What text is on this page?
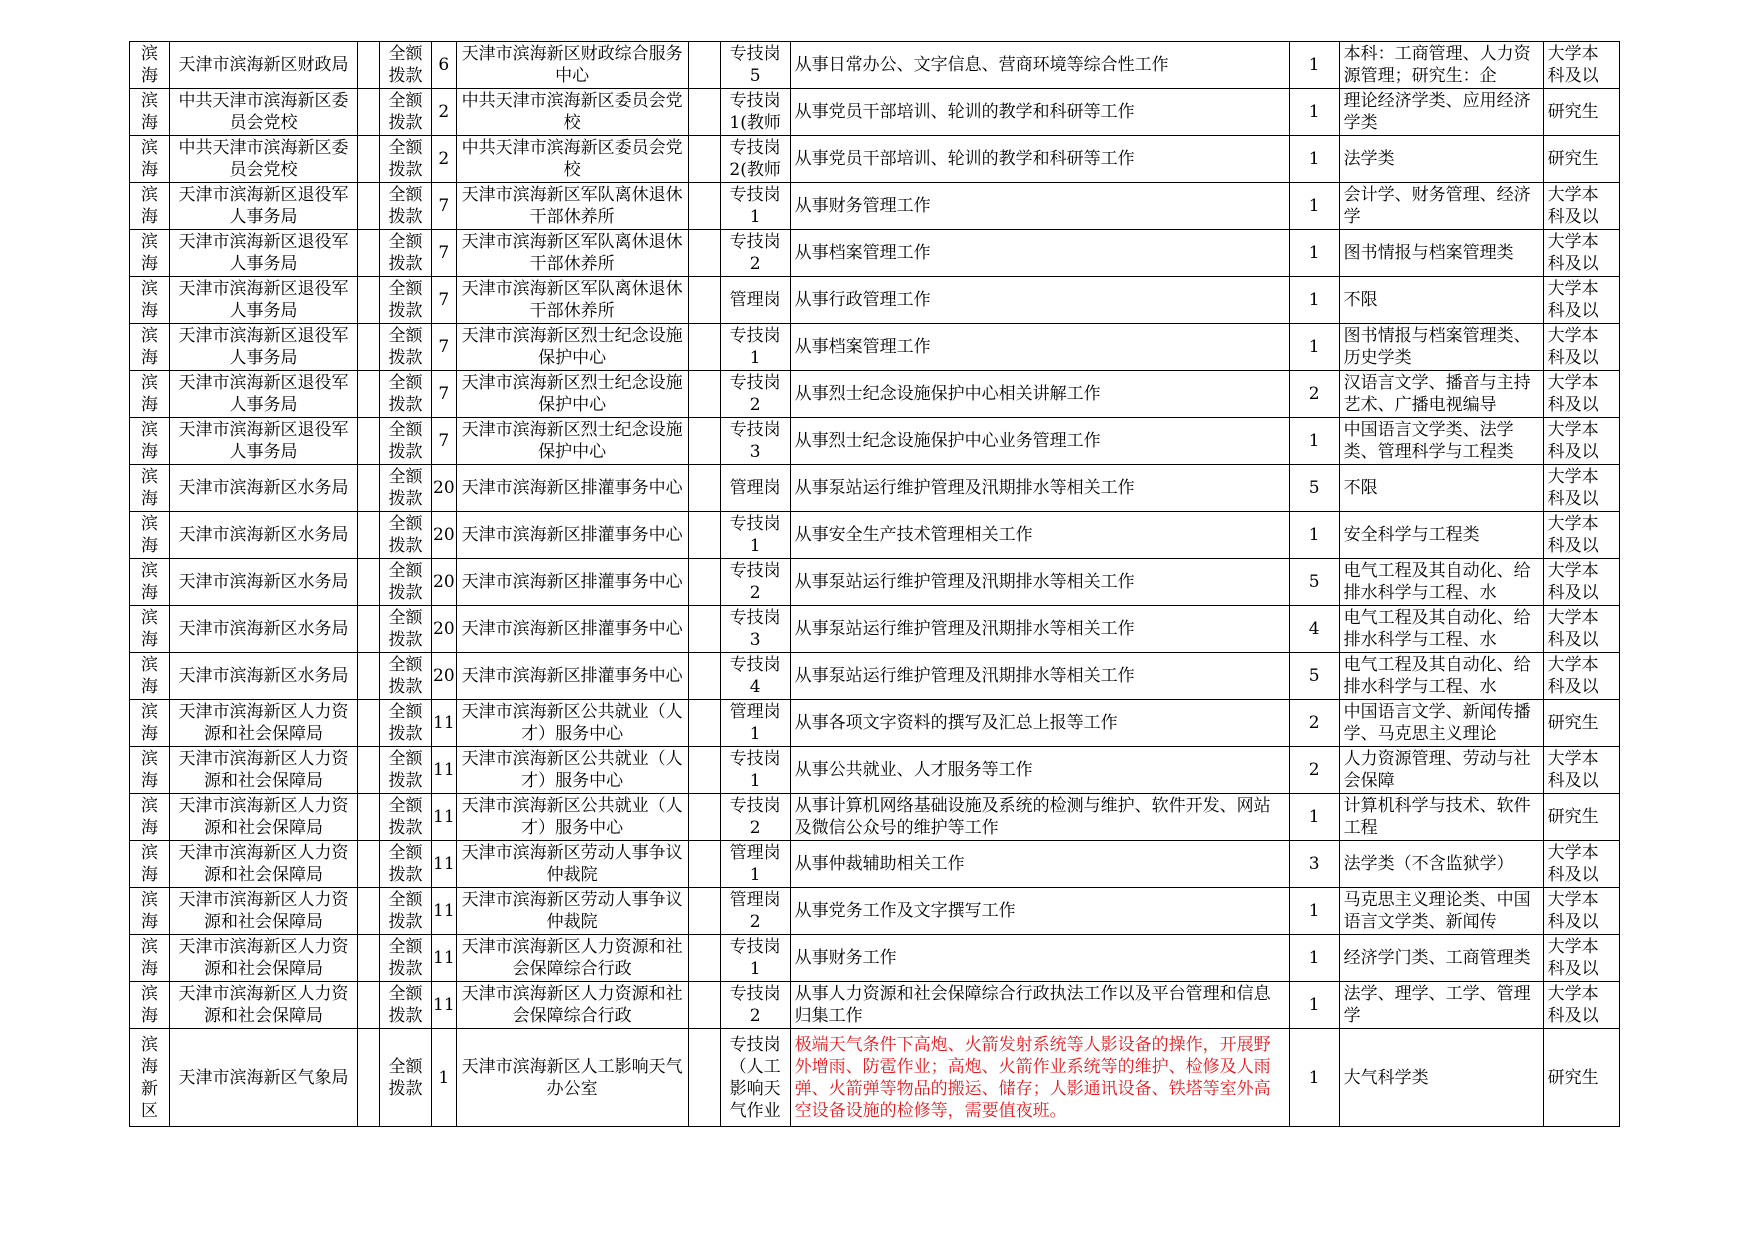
滨海	天津市滨海新区财政局		全额拨款	6	天津市滨海新区财政综合服务中心		专技岗5	从事日常办公、文字信息、营商环境等综合性工作	1	本科：工商管理、人力资源管理；研究生：企	大学本科及以

滨海	中共天津市滨海新区委员会党校		全额拨款	2	中共天津市滨海新区委员会党校		专技岗1(教师	从事党员干部培训、轮训的教学和科研等工作	1	理论经济学类、应用经济学类	研究生

滨海	中共天津市滨海新区委员会党校		全额拨款	2	中共天津市滨海新区委员会党校		专技岗2(教师	从事党员干部培训、轮训的教学和科研等工作	1	法学类	研究生

滨海	天津市滨海新区退役军人事务局		全额拨款	7	天津市滨海新区军队离休退休干部休养所		专技岗1	从事财务管理工作	1	会计学、财务管理、经济学	大学本科及以

滨海	天津市滨海新区退役军人事务局		全额拨款	7	天津市滨海新区军队离休退休干部休养所		专技岗2	从事档案管理工作	1	图书情报与档案管理类	大学本科及以

滨海	天津市滨海新区退役军人事务局		全额拨款	7	天津市滨海新区军队离休退休干部休养所		管理岗	从事行政管理工作	1	不限	大学本科及以

滨海	天津市滨海新区退役军人事务局		全额拨款	7	天津市滨海新区烈士纪念设施保护中心		专技岗1	从事档案管理工作	1	图书情报与档案管理类、历史学类	大学本科及以

滨海	天津市滨海新区退役军人事务局		全额拨款	7	天津市滨海新区烈士纪念设施保护中心		专技岗2	从事烈士纪念设施保护中心相关讲解工作	2	汉语言文学、播音与主持艺术、广播电视编导	大学本科及以

滨海	天津市滨海新区退役军人事务局		全额拨款	7	天津市滨海新区烈士纪念设施保护中心		专技岗3	从事烈士纪念设施保护中心业务管理工作	1	中国语言文学类、法学类、管理科学与工程类	大学本科及以

滨海	天津市滨海新区水务局		全额拨款	20	天津市滨海新区排灌事务中心		管理岗	从事泵站运行维护管理及汛期排水等相关工作	5	不限	大学本科及以

滨海	天津市滨海新区水务局		全额拨款	20	天津市滨海新区排灌事务中心		专技岗1	从事安全生产技术管理相关工作	1	安全科学与工程类	大学本科及以

滨海	天津市滨海新区水务局		全额拨款	20	天津市滨海新区排灌事务中心		专技岗2	从事泵站运行维护管理及汛期排水等相关工作	5	电气工程及其自动化、给排水科学与工程、水	大学本科及以

滨海	天津市滨海新区水务局		全额拨款	20	天津市滨海新区排灌事务中心		专技岗3	从事泵站运行维护管理及汛期排水等相关工作	4	电气工程及其自动化、给排水科学与工程、水	大学本科及以

滨海	天津市滨海新区水务局		全额拨款	20	天津市滨海新区排灌事务中心		专技岗4	从事泵站运行维护管理及汛期排水等相关工作	5	电气工程及其自动化、给排水科学与工程、水	大学本科及以

滨海	天津市滨海新区人力资源和社会保障局		全额拨款	11	天津市滨海新区公共就业（人才）服务中心		管理岗1	从事各项文字资料的撰写及汇总上报等工作	2	中国语言文学、新闻传播学、马克思主义理论	研究生

滨海	天津市滨海新区人力资源和社会保障局		全额拨款	11	天津市滨海新区公共就业（人才）服务中心		专技岗1	从事公共就业、人才服务等工作	2	人力资源管理、劳动与社会保障	大学本科及以

滨海	天津市滨海新区人力资源和社会保障局		全额拨款	11	天津市滨海新区公共就业（人才）服务中心		专技岗2	从事计算机网络基础设施及系统的检测与维护、软件开发、网站及微信公众号的维护等工作	1	计算机科学与技术、软件工程	研究生

滨海	天津市滨海新区人力资源和社会保障局		全额拨款	11	天津市滨海新区劳动人事争议仲裁院		管理岗1	从事仲裁辅助相关工作	3	法学类（不含监狱学）	大学本科及以

滨海	天津市滨海新区人力资源和社会保障局		全额拨款	11	天津市滨海新区劳动人事争议仲裁院		管理岗2	从事党务工作及文字撰写工作	1	马克思主义理论类、中国语言文学类、新闻传	大学本科及以

滨海	天津市滨海新区人力资源和社会保障局		全额拨款	11	天津市滨海新区人力资源和社会保障综合行政		专技岗1	从事财务工作	1	经济学门类、工商管理类	大学本科及以

滨海	天津市滨海新区人力资源和社会保障局		全额拨款	11	天津市滨海新区人力资源和社会保障综合行政		专技岗2	从事人力资源和社会保障综合行政执法工作以及平台管理和信息归集工作	1	法学、理学、工学、管理学	大学本科及以

滨海新区	天津市滨海新区气象局		全额拨款	1	天津市滨海新区人工影响天气办公室		专技岗（人工影响天气作业	极端天气条件下高炮、火箭发射系统等人影设备的操作，开展野外增雨、防雹作业；高炮、火箭作业系统等的维护、检修及人雨弹、火箭弹等物品的搬运、储存；人影通讯设备、铁塔等室外高空设备设施的检修等，需要值夜班。	1	大气科学类	研究生
